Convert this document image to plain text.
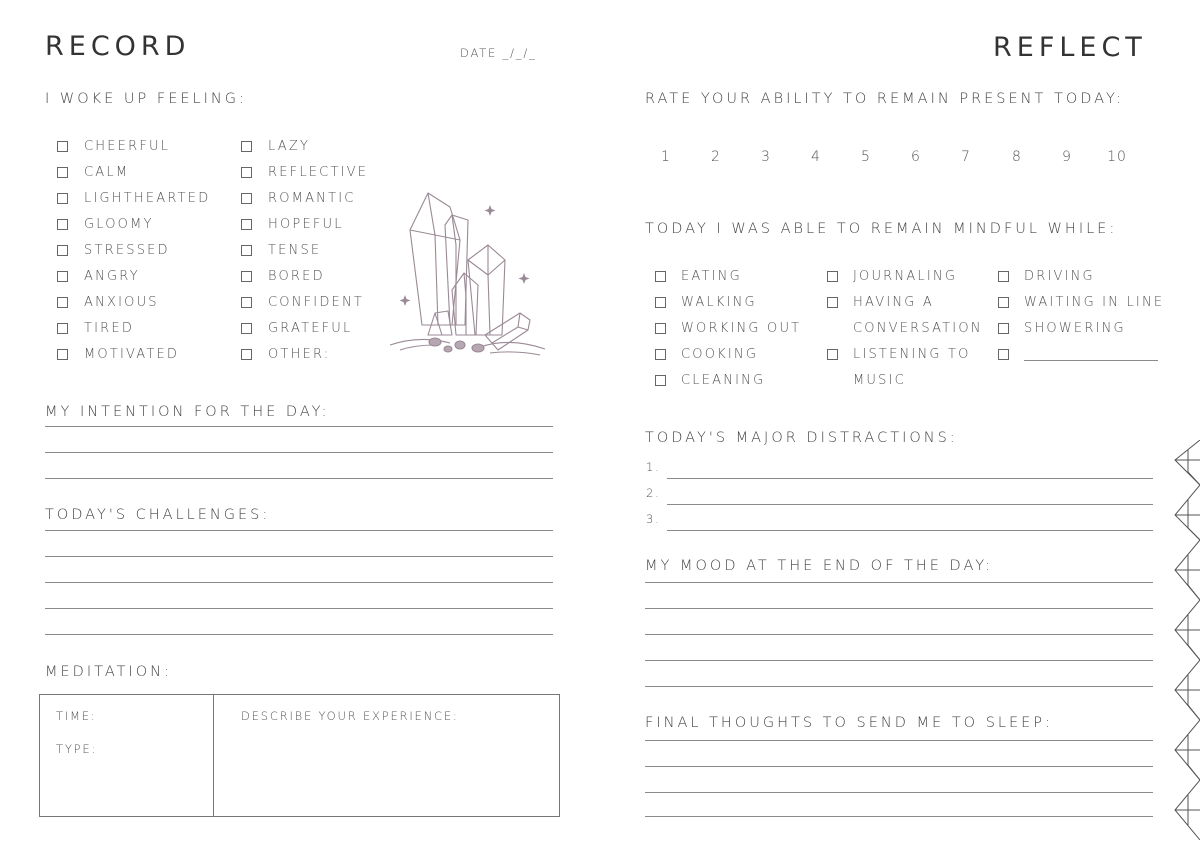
RECORD	DATE _/_/_
I WOKE UP FEELING:
CHEERFUL
CALM
LIGHTHEARTED
GLOOMY
STRESSED
ANGRY
ANXIOUS
TIRED
MOTIVATED
LAZY
REFLECTIVE
ROMANTIC
HOPEFUL
TENSE
BORED
CONFIDENT
GRATEFUL
OTHER:
MY INTENTION FOR THE DAY:
TODAY'S CHALLENGES:
MEDITATION:
TIME:
TYPE:
DESCRIBE YOUR EXPERIENCE:
REFLECT
RATE YOUR ABILITY TO REMAIN PRESENT TODAY:
1	2	3	4	5	6	7	8	9	10
TODAY I WAS ABLE TO REMAIN MINDFUL WHILE:
EATING
WALKING
WORKING OUT
COOKING
CLEANING
JOURNALING
HAVING A
CONVERSATION
LISTENING TO
MUSIC
DRIVING
WAITING IN LINE
SHOWERING
TODAY'S MAJOR DISTRACTIONS:
1.
2.
3.
MY MOOD AT THE END OF THE DAY:
FINAL THOUGHTS TO SEND ME TO SLEEP:
